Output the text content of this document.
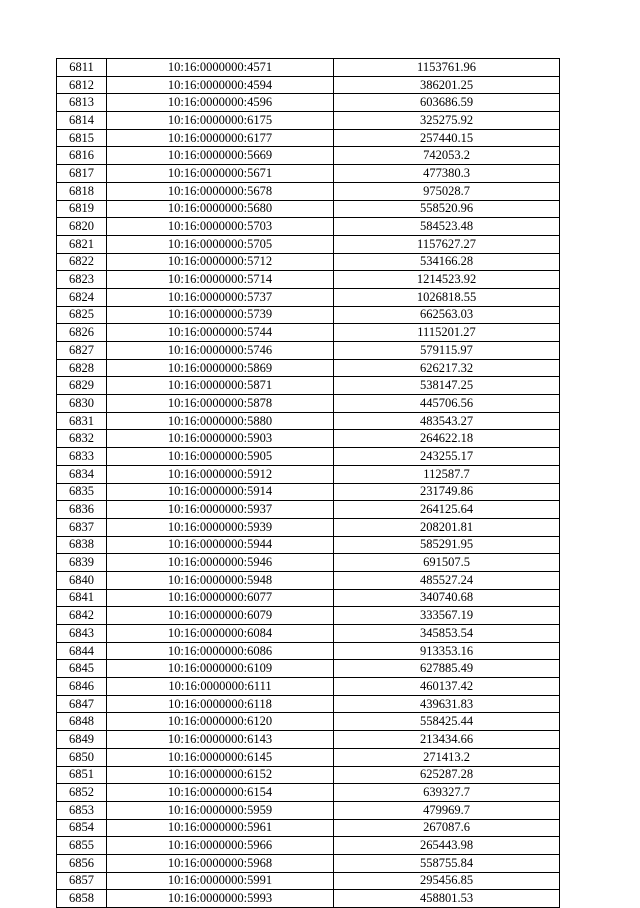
6811	10:16:0000000:4571	1153761.96
6812	10:16:0000000:4594	386201.25
6813	10:16:0000000:4596	603686.59
6814	10:16:0000000:6175	325275.92
6815	10:16:0000000:6177	257440.15
6816	10:16:0000000:5669	742053.2
6817	10:16:0000000:5671	477380.3
6818	10:16:0000000:5678	975028.7
6819	10:16:0000000:5680	558520.96
6820	10:16:0000000:5703	584523.48
6821	10:16:0000000:5705	1157627.27
6822	10:16:0000000:5712	534166.28
6823	10:16:0000000:5714	1214523.92
6824	10:16:0000000:5737	1026818.55
6825	10:16:0000000:5739	662563.03
6826	10:16:0000000:5744	1115201.27
6827	10:16:0000000:5746	579115.97
6828	10:16:0000000:5869	626217.32
6829	10:16:0000000:5871	538147.25
6830	10:16:0000000:5878	445706.56
6831	10:16:0000000:5880	483543.27
6832	10:16:0000000:5903	264622.18
6833	10:16:0000000:5905	243255.17
6834	10:16:0000000:5912	112587.7
6835	10:16:0000000:5914	231749.86
6836	10:16:0000000:5937	264125.64
6837	10:16:0000000:5939	208201.81
6838	10:16:0000000:5944	585291.95
6839	10:16:0000000:5946	691507.5
6840	10:16:0000000:5948	485527.24
6841	10:16:0000000:6077	340740.68
6842	10:16:0000000:6079	333567.19
6843	10:16:0000000:6084	345853.54
6844	10:16:0000000:6086	913353.16
6845	10:16:0000000:6109	627885.49
6846	10:16:0000000:6111	460137.42
6847	10:16:0000000:6118	439631.83
6848	10:16:0000000:6120	558425.44
6849	10:16:0000000:6143	213434.66
6850	10:16:0000000:6145	271413.2
6851	10:16:0000000:6152	625287.28
6852	10:16:0000000:6154	639327.7
6853	10:16:0000000:5959	479969.7
6854	10:16:0000000:5961	267087.6
6855	10:16:0000000:5966	265443.98
6856	10:16:0000000:5968	558755.84
6857	10:16:0000000:5991	295456.85
6858	10:16:0000000:5993	458801.53
